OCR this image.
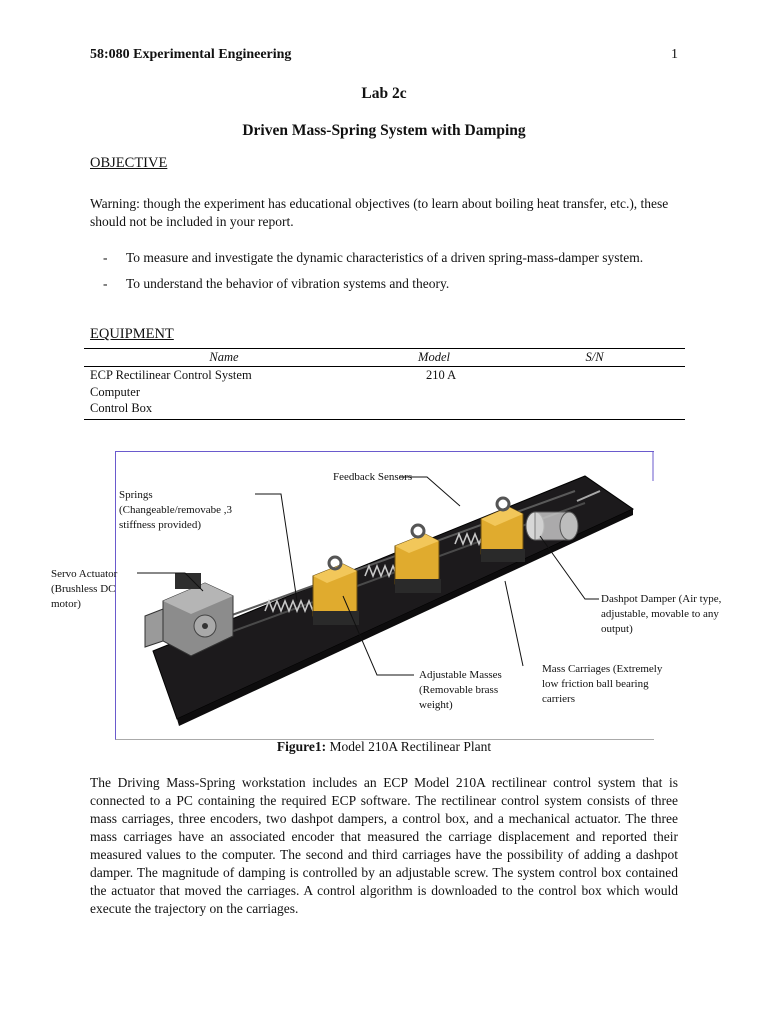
58:080 Experimental Engineering	1
Lab 2c
Driven Mass-Spring System with Damping
OBJECTIVE
Warning: though the experiment has educational objectives (to learn about boiling heat transfer, etc.), these should not be included in your report.
- To measure and investigate the dynamic characteristics of a driven spring-mass-damper system.
- To understand the behavior of vibration systems and theory.
EQUIPMENT
Name	Model	S/N
ECP Rectilinear Control System	210 A	
Computer		
Control Box		
Springs (Changeable/removabe ,3 stiffness provided)
Feedback Sensors
Servo Actuator (Brushless DC motor)	Dashpot Damper (Air type, adjustable, movable to any output)
Adjustable Masses (Removable brass weight)
Mass Carriages (Extremely low friction ball bearing carriers
Figure1: Model 210A Rectilinear Plant
The Driving Mass-Spring workstation includes an ECP Model 210A rectilinear control system that is connected to a PC containing the required ECP software. The rectilinear control system consists of three mass carriages, three encoders, two dashpot dampers, a control box, and a mechanical actuator. The three mass carriages have an associated encoder that measured the carriage displacement and reported their measured values to the computer. The second and third carriages have the possibility of adding a dashpot damper. The magnitude of damping is controlled by an adjustable screw. The system control box contained the actuator that moved the carriages. A control algorithm is downloaded to the control box which would execute the trajectory on the carriages.
